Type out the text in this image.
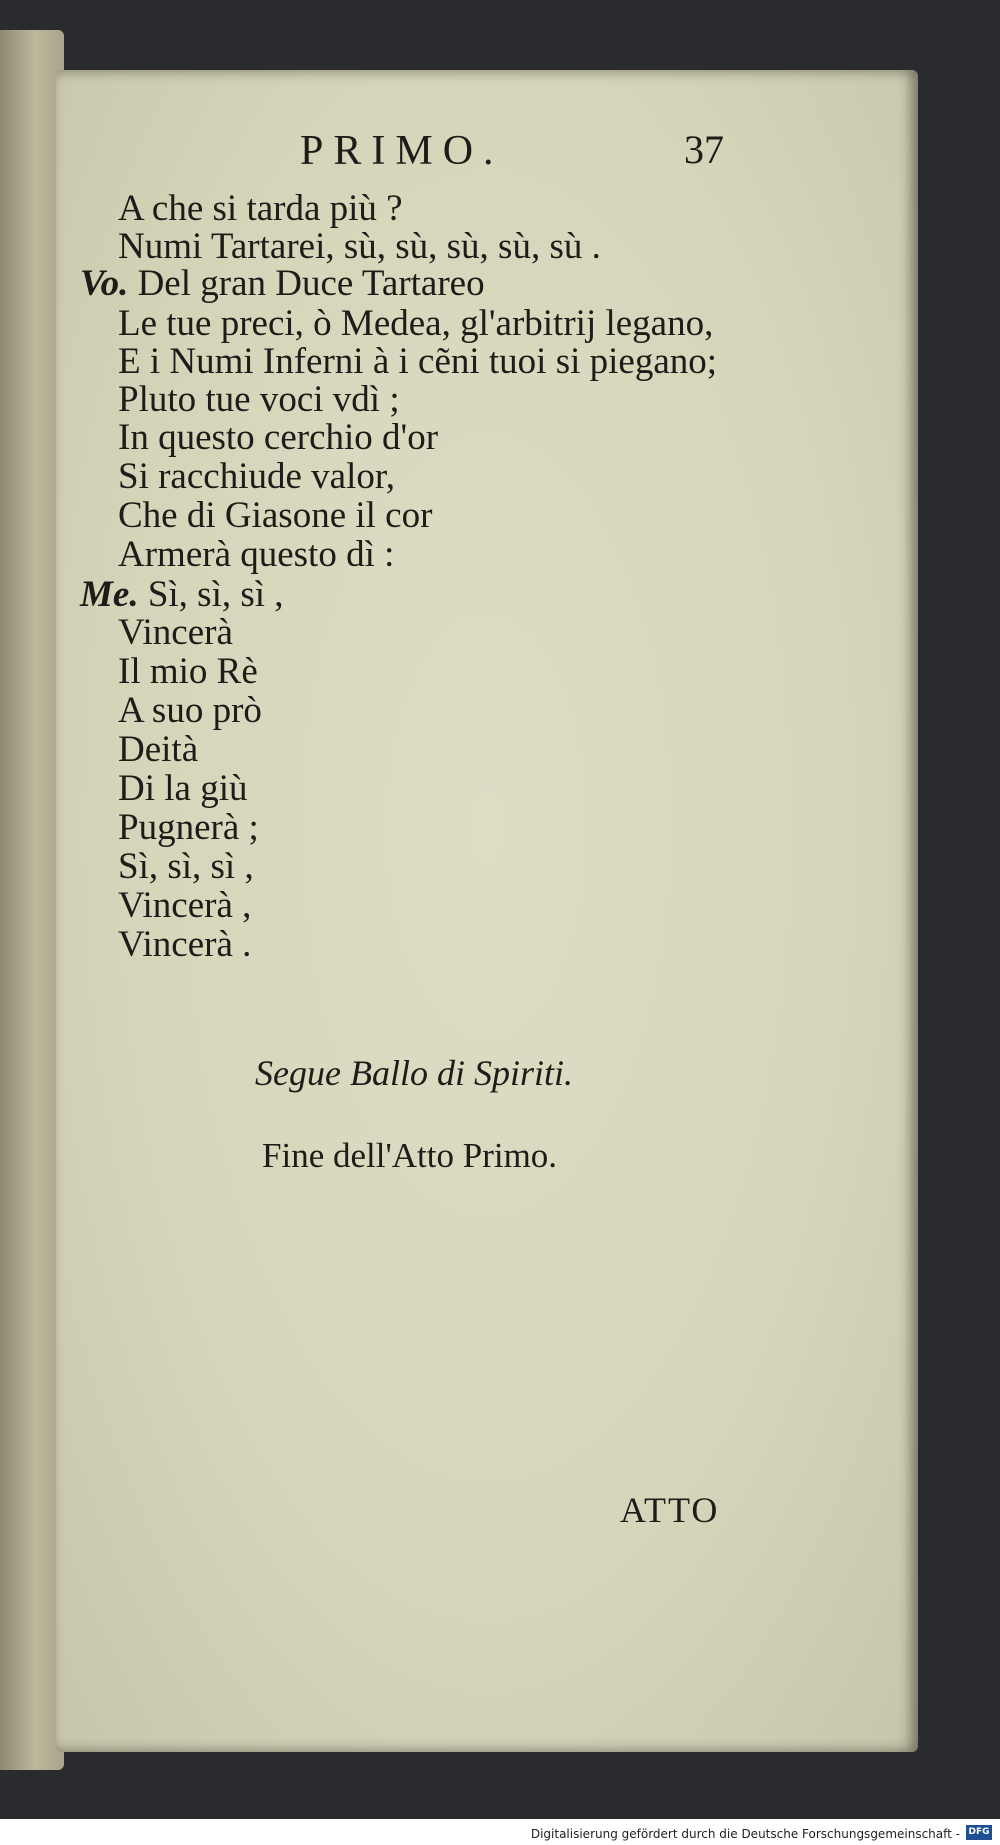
PRIMO.	37
A che si tarda più ?
Numi Tartarei, sù, sù, sù, sù, sù .
Vo. Del gran Duce Tartareo
Le tue preci, ò Medea, gl'arbitrij legano,
E i Numi Inferni à i cẽni tuoi si piegano;
Pluto tue voci vdì ;
In questo cerchio d'or
Si racchiude valor,
Che di Giasone il cor
Armerà questo dì :
Me. Sì, sì, sì ,
Vincerà
Il mio Rè
A suo prò
Deità
Di la giù
Pugnerà ;
Sì, sì, sì ,
Vincerà ,
Vincerà .
Segue Ballo di Spiriti.
Fine dell'Atto Primo.
ATTO
Digitalisierung gefördert durch die Deutsche Forschungsgemeinschaft - DFG
